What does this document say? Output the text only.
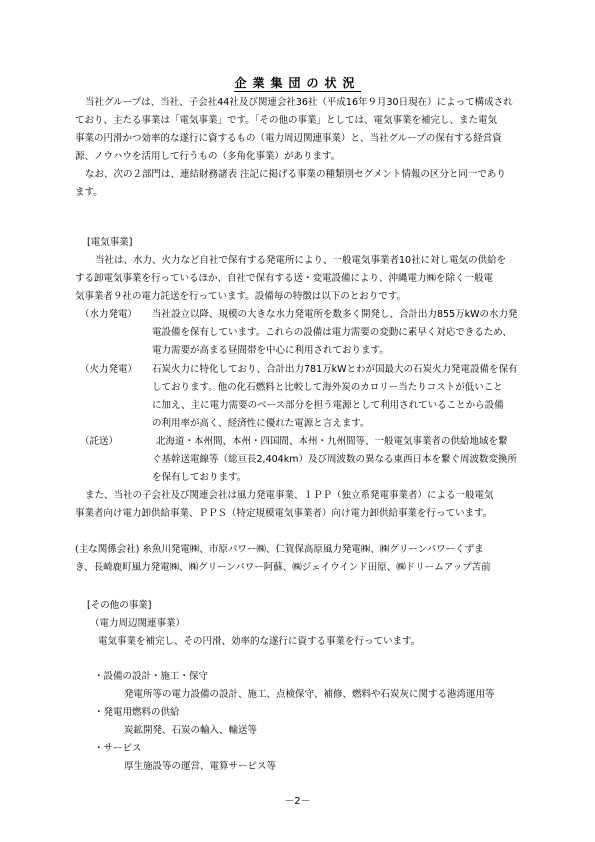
企業集団の状況
当社グループは、当社、子会社44社及び関連会社36社（平成16年９月30日現在）によって構成され
ており、主たる事業は「電気事業」です。「その他の事業」としては、電気事業を補完し、また電気
事業の円滑かつ効率的な遂行に資するもの（電力周辺関連事業）と、当社グループの保有する経営資
源、ノウハウを活用して行うもの（多角化事業）があります。
なお、次の２部門は、連結財務諸表 注記に掲げる事業の種類別セグメント情報の区分と同一であり
ます。
[電気事業]
当社は、水力、火力など自社で保有する発電所により、一般電気事業者10社に対し電気の供給を
する卸電気事業を行っているほか、自社で保有する送・変電設備により、沖縄電力㈱を除く一般電
気事業者９社の電力託送を行っています。設備毎の特徴は以下のとおりです。
（水力発電） 当社設立以降、規模の大きな水力発電所を数多く開発し、合計出力855万kWの水力発
電設備を保有しています。これらの設備は電力需要の変動に素早く対応できるため、
電力需要が高まる昼間帯を中心に利用されております。
（火力発電） 石炭火力に特化しており、合計出力781万kWとわが国最大の石炭火力発電設備を保有
しております。他の化石燃料と比較して海外炭のカロリー当たりコストが低いこと
に加え、主に電力需要のベース部分を担う電源として利用されていることから設備
の利用率が高く、経済性に優れた電源と言えます。
（託送）	北海道・本州間、本州・四国間、本州・九州間等、一般電気事業者の供給地域を繋
ぐ基幹送電線等（総亘長2,404km）及び周波数の異なる東西日本を繋ぐ周波数変換所
を保有しております。
また、当社の子会社及び関連会社は風力発電事業、ＩＰＰ（独立系発電事業者）による一般電気
事業者向け電力卸供給事業、ＰＰＳ（特定規模電気事業者）向け電力卸供給事業を行っています。
(主な関係会社) 糸魚川発電㈱、市原パワー㈱、仁賀保高原風力発電㈱、㈱グリーンパワーくずま
き、長崎鹿町風力発電㈱、㈱グリーンパワー阿蘇、㈱ジェイウインド田原、㈱ドリームアップ苫前
[その他の事業]
（電力周辺関連事業）
電気事業を補完し、その円滑、効率的な遂行に資する事業を行っています。
・設備の設計・施工・保守
発電所等の電力設備の設計、施工、点検保守、補修、燃料や石炭灰に関する港湾運用等
・発電用燃料の供給
炭鉱開発、石炭の輸入、輸送等
・サービス
厚生施設等の運営、電算サービス等
－2－
